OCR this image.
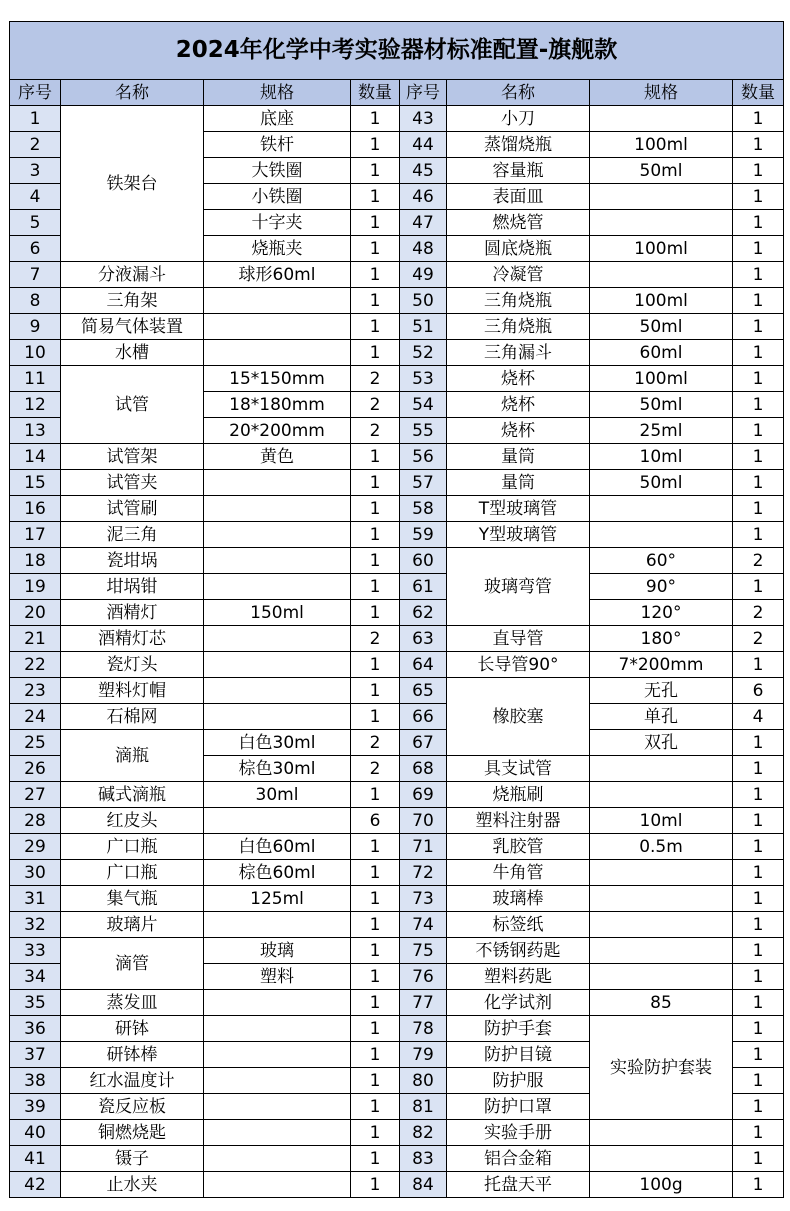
2024年化学中考实验器材标准配置-旗舰款							
序号	名称	规格	数量	序号	名称	规格	数量
1	铁架台	底座	1	43	小刀		1
2		铁杆	1	44	蒸馏烧瓶	100ml	1
3		大铁圈	1	45	容量瓶	50ml	1
4		小铁圈	1	46	表面皿		1
5		十字夹	1	47	燃烧管		1
6		烧瓶夹	1	48	圆底烧瓶	100ml	1
7	分液漏斗	球形60ml	1	49	冷凝管		1
8	三角架		1	50	三角烧瓶	100ml	1
9	简易气体装置		1	51	三角烧瓶	50ml	1
10	水槽		1	52	三角漏斗	60ml	1
11	试管	15*150mm	2	53	烧杯	100ml	1
12		18*180mm	2	54	烧杯	50ml	1
13		20*200mm	2	55	烧杯	25ml	1
14	试管架	黄色	1	56	量筒	10ml	1
15	试管夹		1	57	量筒	50ml	1
16	试管刷		1	58	T型玻璃管		1
17	泥三角		1	59	Y型玻璃管		1
18	瓷坩埚		1	60	玻璃弯管	60°	2
19	坩埚钳		1	61		90°	1
20	酒精灯	150ml	1	62		120°	2
21	酒精灯芯		2	63	直导管	180°	2
22	瓷灯头		1	64	长导管90°	7*200mm	1
23	塑料灯帽		1	65	橡胶塞	无孔	6
24	石棉网		1	66		单孔	4
25	滴瓶	白色30ml	2	67		双孔	1
26		棕色30ml	2	68	具支试管		1
27	碱式滴瓶	30ml	1	69	烧瓶刷		1
28	红皮头		6	70	塑料注射器	10ml	1
29	广口瓶	白色60ml	1	71	乳胶管	0.5m	1
30	广口瓶	棕色60ml	1	72	牛角管		1
31	集气瓶	125ml	1	73	玻璃棒		1
32	玻璃片		1	74	标签纸		1
33	滴管	玻璃	1	75	不锈钢药匙		1
34		塑料	1	76	塑料药匙		1
35	蒸发皿		1	77	化学试剂	85	1
36	研钵		1	78	防护手套	实验防护套装	1
37	研钵棒		1	79	防护目镜		1
38	红水温度计		1	80	防护服		1
39	瓷反应板		1	81	防护口罩		1
40	铜燃烧匙		1	82	实验手册		1
41	镊子		1	83	铝合金箱		1
42	止水夹		1	84	托盘天平	100g	1
